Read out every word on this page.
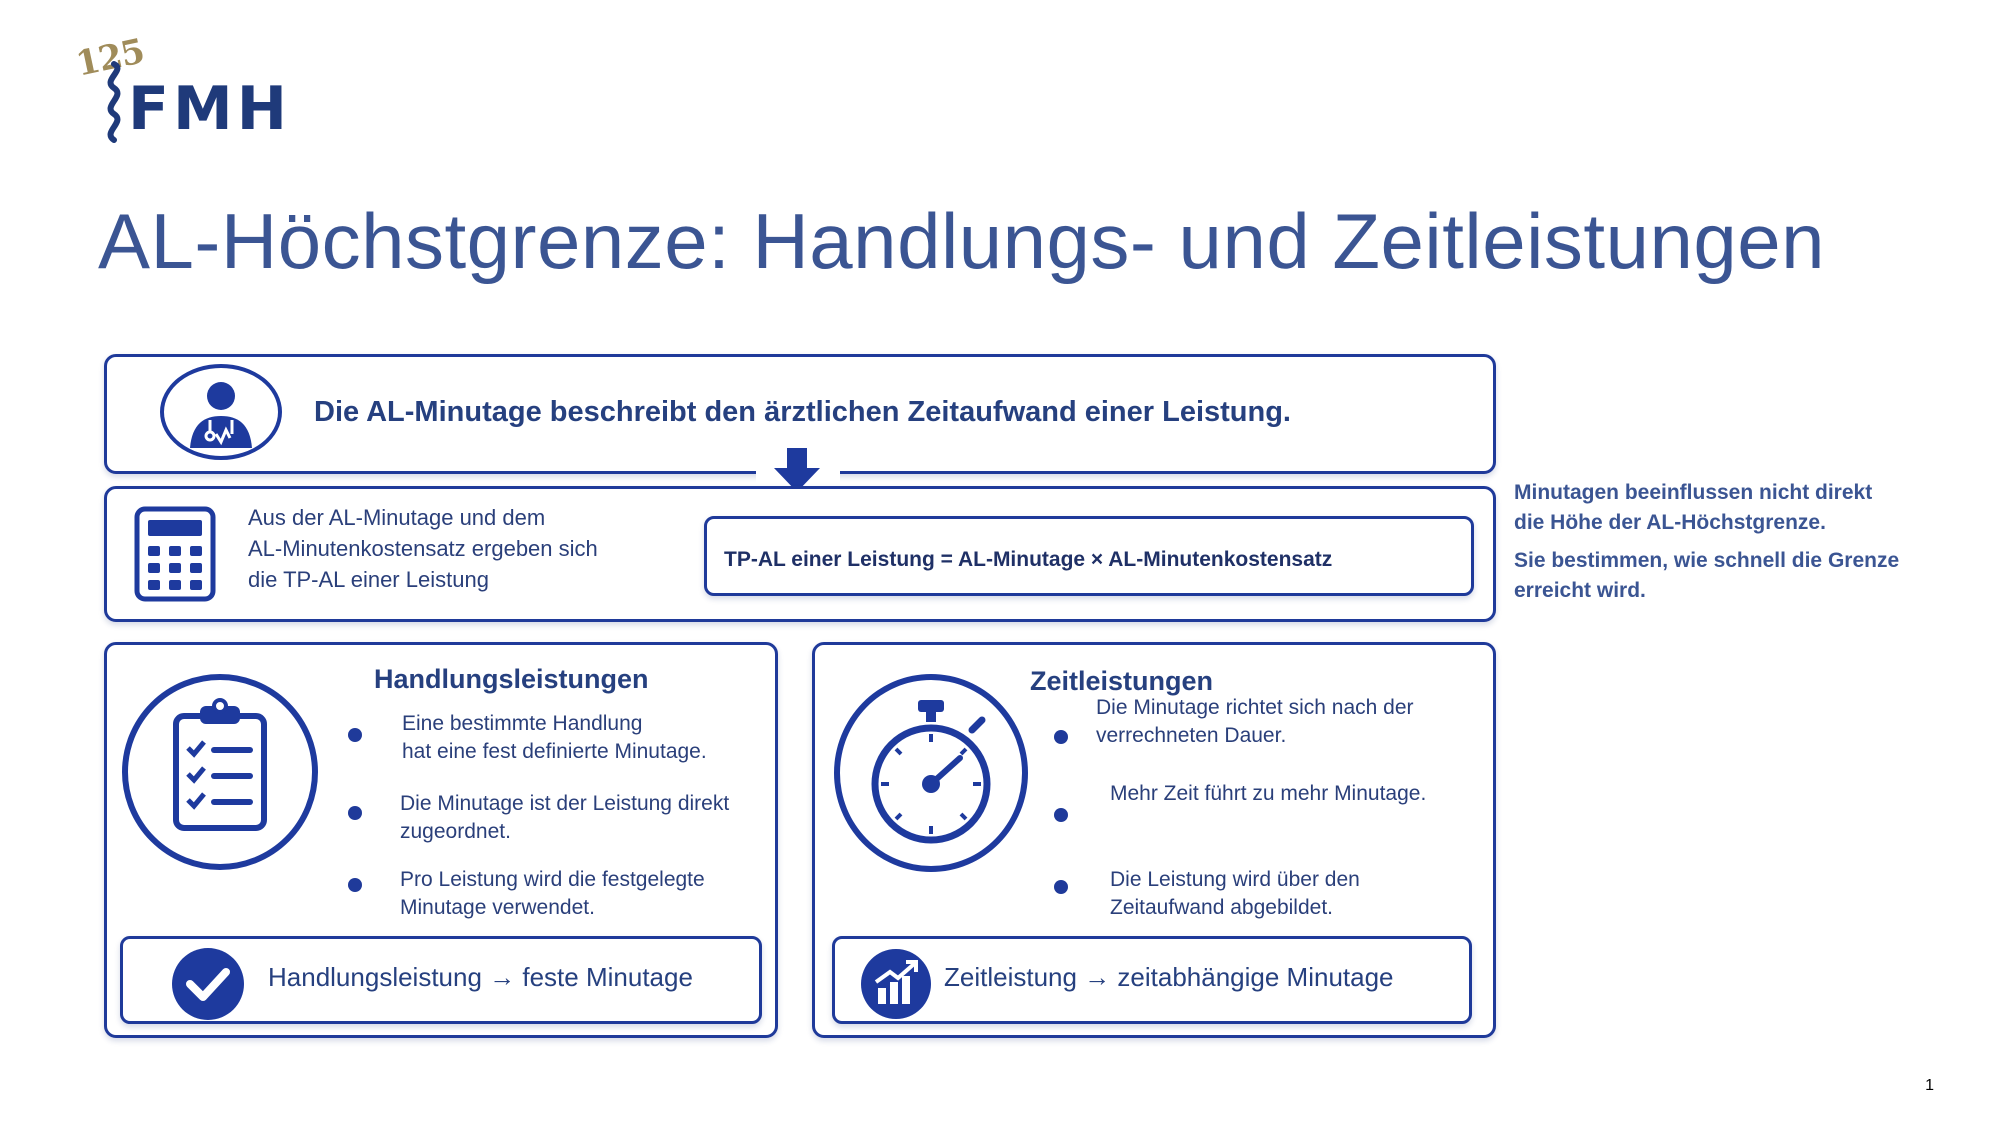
125
FMH
AL-Höchstgrenze: Handlungs- und Zeitleistungen
Die AL-Minutage beschreibt den ärztlichen Zeitaufwand einer Leistung.
Aus der AL-Minutage und dem
AL-Minutenkostensatz ergeben sich
die TP-AL einer Leistung
TP-AL einer Leistung = AL-Minutage × AL-Minutenkostensatz
Minutagen beeinflussen nicht direkt
die Höhe der AL-Höchstgrenze.
Sie bestimmen, wie schnell die Grenze
erreicht wird.
Handlungsleistungen
Eine bestimmte Handlung
hat eine fest definierte Minutage.
Die Minutage ist der Leistung direkt
zugeordnet.
Pro Leistung wird die festgelegte
Minutage verwendet.
Handlungsleistung → feste Minutage
Zeitleistungen
Die Minutage richtet sich nach der
verrechneten Dauer.
Mehr Zeit führt zu mehr Minutage.
Die Leistung wird über den
Zeitaufwand abgebildet.
Zeitleistung → zeitabhängige Minutage
1
